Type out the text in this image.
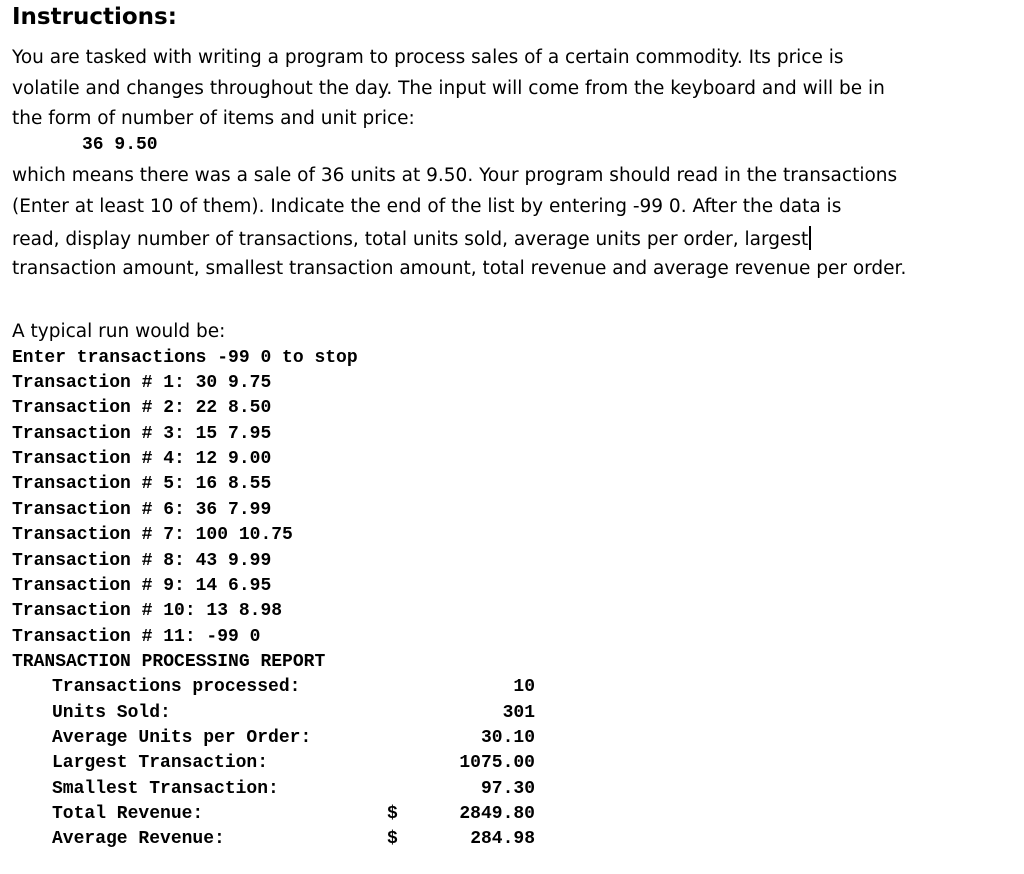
Instructions:
You are tasked with writing a program to process sales of a certain commodity. Its price is
volatile and changes throughout the day. The input will come from the keyboard and will be in
the form of number of items and unit price:
36 9.50
which means there was a sale of 36 units at 9.50. Your program should read in the transactions
(Enter at least 10 of them). Indicate the end of the list by entering -99 0. After the data is
read, display number of transactions, total units sold, average units per order, largest
transaction amount, smallest transaction amount, total revenue and average revenue per order.
A typical run would be:
Enter transactions -99 0 to stop
Transaction # 1: 30 9.75
Transaction # 2: 22 8.50
Transaction # 3: 15 7.95
Transaction # 4: 12 9.00
Transaction # 5: 16 8.55
Transaction # 6: 36 7.99
Transaction # 7: 100 10.75
Transaction # 8: 43 9.99
Transaction # 9: 14 6.95
Transaction # 10: 13 8.98
Transaction # 11: -99 0
TRANSACTION PROCESSING REPORT
Transactions processed:	10
Units Sold:	301
Average Units per Order:	30.10
Largest Transaction:	1075.00
Smallest Transaction:	97.30
Total Revenue:	$	2849.80
Average Revenue:	$	284.98
